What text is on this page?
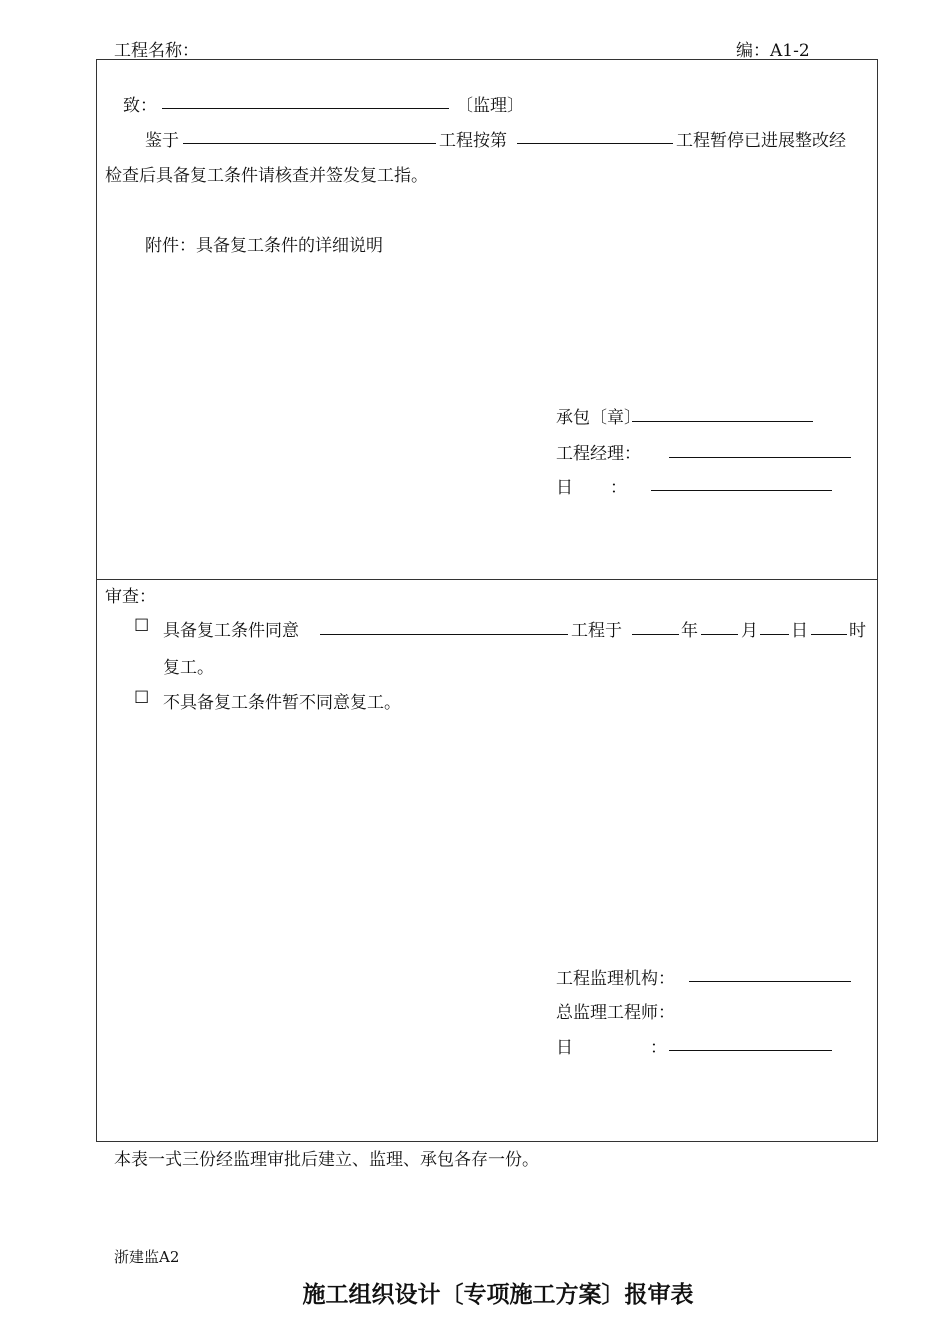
工程名称：	编：A1-2
致：	〔监理〕
鉴于	工程按第	工程暂停已进展整改经
检查后具备复工条件请核查并签发复工指。
附件：具备复工条件的详细说明
承包〔章〕
工程经理：
日 ：
审查：
☐ 具备复工条件同意	工程于	年	月 日 时
复工。
☐ 不具备复工条件暂不同意复工。
工程监理机构：
总监理工程师：
日	：
本表一式三份经监理审批后建立、监理、承包各存一份。
浙建监A2
施工组织设计〔专项施工方案〕报审表
